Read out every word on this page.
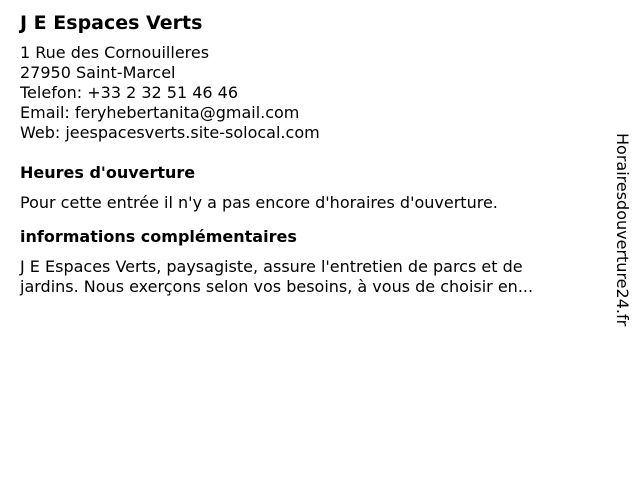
J E Espaces Verts
1 Rue des Cornouilleres
27950 Saint-Marcel
Telefon: +33 2 32 51 46 46
Email: feryhebertanita@gmail.com
Web: jeespacesverts.site-solocal.com
Heures d'ouverture

Pour cette entrée il n'y a pas encore d'horaires d'ouverture.

informations complémentaires

J E Espaces Verts, paysagiste, assure l'entretien de parcs et de jardins. Nous exerçons selon vos besoins, à vous de choisir en...	Horairesdouverture24.fr
